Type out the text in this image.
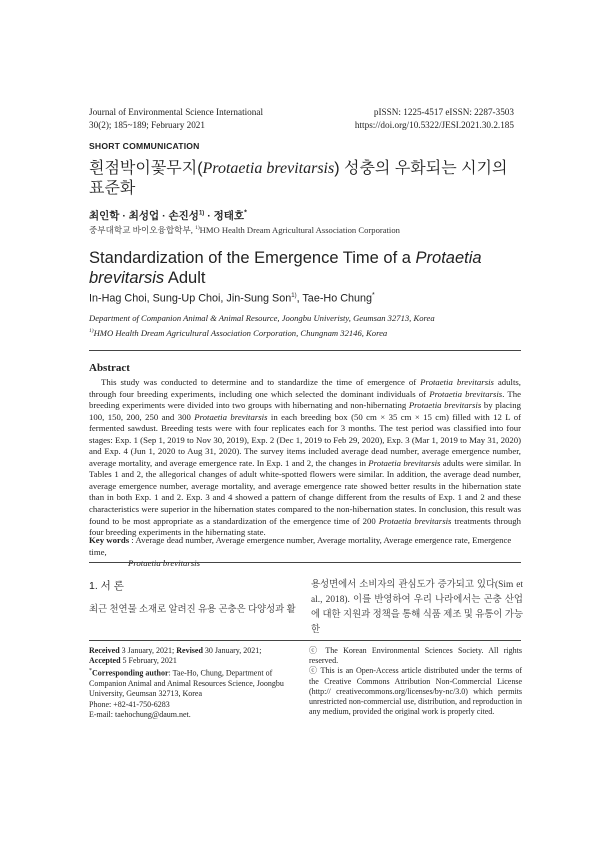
Journal of Environmental Science International
30(2); 185~189; February 2021
pISSN: 1225-4517 eISSN: 2287-3503
https://doi.org/10.5322/JESI.2021.30.2.185
SHORT COMMUNICATION
흰점박이꽃무지(Protaetia brevitarsis) 성충의 우화되는 시기의 표준화
최인학 · 최성업 · 손진성$^{1)}$ · 정태호*
중부대학교 바이오융합학부, $^{1)}$HMO Health Dream Agricultural Association Corporation
Standardization of the Emergence Time of a Protaetia brevitarsis Adult
In-Hag Choi, Sung-Up Choi, Jin-Sung Son$^{1)}$, Tae-Ho Chung*
Department of Companion Animal & Animal Resource, Joongbu Univeristy, Geumsan 32713, Korea
$^{1)}$HMO Health Dream Agricultural Association Corporation, Chungnam 32146, Korea
Abstract
This study was conducted to determine and to standardize the time of emergence of Protaetia brevitarsis adults, through four breeding experiments, including one which selected the dominant individuals of Protaetia brevitarsis. The breeding experiments were divided into two groups with hibernating and non-hibernating Protaetia brevitarsis by placing 100, 150, 200, 250 and 300 Protaetia brevitarsis in each breeding box (50 cm × 35 cm × 15 cm) filled with 12 L of fermented sawdust. Breeding tests were with four replicates each for 3 months. The test period was classified into four stages: Exp. 1 (Sep 1, 2019 to Nov 30, 2019), Exp. 2 (Dec 1, 2019 to Feb 29, 2020), Exp. 3 (Mar 1, 2019 to May 31, 2020) and Exp. 4 (Jun 1, 2020 to Aug 31, 2020). The survey items included average dead number, average emergence number, average mortality, and average emergence rate. In Exp. 1 and 2, the changes in Protaetia brevitarsis adults were similar. In Tables 1 and 2, the allegorical changes of adult white-spotted flowers were similar. In addition, the average dead number, average emergence number, average mortality, and average emergence rate showed better results in the hibernation state than in both Exp. 1 and 2. Exp. 3 and 4 showed a pattern of change different from the results of Exp. 1 and 2 and these characteristics were superior in the hibernation states compared to the non-hibernation states. In conclusion, this result was found to be most appropriate as a standardization of the emergence time of 200 Protaetia brevitarsis treatments through four breeding experiments in the hibernating state.
Key words : Average dead number, Average emergence number, Average mortality, Average emergence rate, Emergence time,
Protaetia brevitarsis
1. 서 론
최근 천연물 소재로 알려진 유용 곤충은 다양성과 활
용성면에서 소비자의 관심도가 증가되고 있다(Sim et al., 2018). 이를 반영하여 우리 나라에서는 곤충 산업에 대한 지원과 정책을 통해 식품 제조 및 유통이 가능한
Received 3 January, 2021; Revised 30 January, 2021;
Accepted 5 February, 2021
*Corresponding author: Tae-Ho, Chung, Department of Companion Animal and Animal Resources Science, Joongbu University, Geumsan 32713, Korea
Phone: +82-41-750-6283
E-mail: taehochung@daum.net.
ⓒ The Korean Environmental Sciences Society. All rights reserved.
ⓒ This is an Open-Access article distributed under the terms of the Creative Commons Attribution Non-Commercial License (http:// creativecommons.org/licenses/by-nc/3.0) which permits unrestricted non-commercial use, distribution, and reproduction in any medium, provided the original work is properly cited.
